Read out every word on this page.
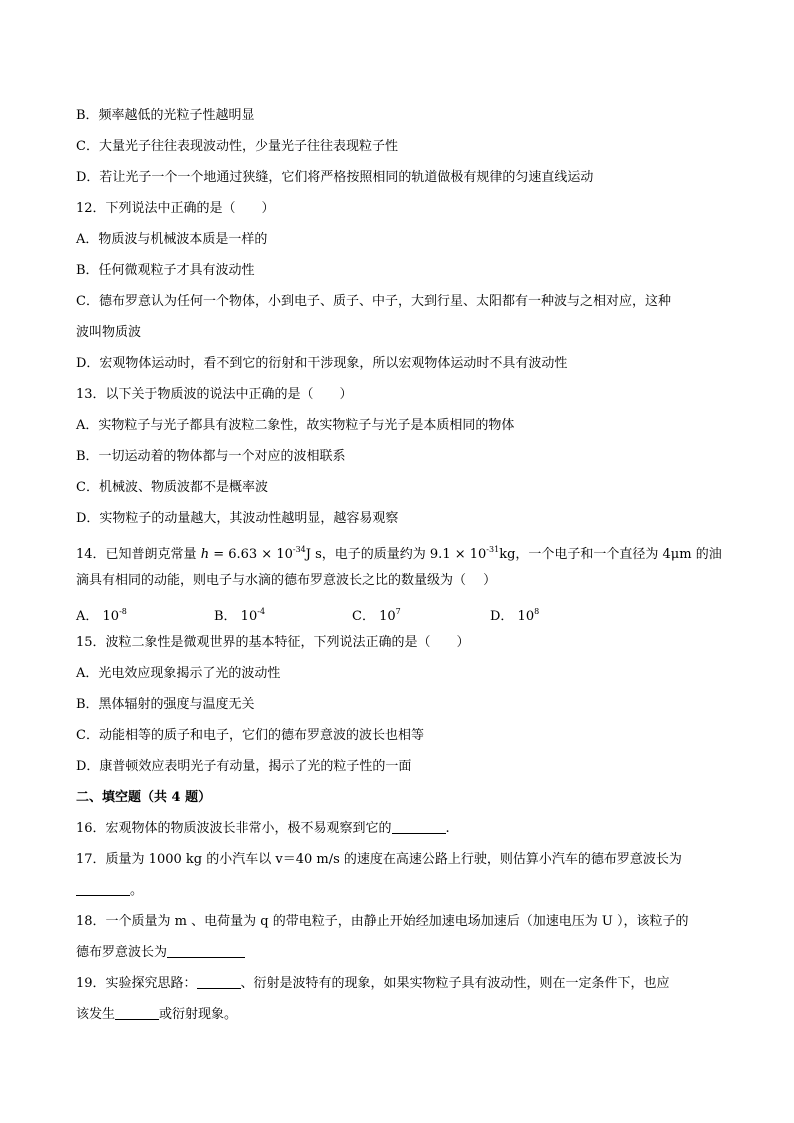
B．频率越低的光粒子性越明显
C．大量光子往往表现波动性，少量光子往往表现粒子性
D．若让光子一个一个地通过狭缝，它们将严格按照相同的轨道做极有规律的匀速直线运动
12．下列说法中正确的是（　　）
A．物质波与机械波本质是一样的
B．任何微观粒子才具有波动性
C．德布罗意认为任何一个物体，小到电子、质子、中子，大到行星、太阳都有一种波与之相对应，这种
波叫物质波
D．宏观物体运动时，看不到它的衍射和干涉现象，所以宏观物体运动时不具有波动性
13．以下关于物质波的说法中正确的是（　　）
A．实物粒子与光子都具有波粒二象性，故实物粒子与光子是本质相同的物体
B．一切运动着的物体都与一个对应的波相联系
C．机械波、物质波都不是概率波
D．实物粒子的动量越大，其波动性越明显，越容易观察
14．已知普朗克常量 $h = 6.63 \times 10^{-34}J$ s，电子的质量约为 $9.1 \times 10^{-31}kg$，一个电子和一个直径为 4μm 的油
滴具有相同的动能，则电子与水滴的德布罗意波长之比的数量级为（　 ）
A． $10^{-8}$	B． $10^{-4}$	C． $10^7$	D． $10^8$
15．波粒二象性是微观世界的基本特征，下列说法正确的是（　　）
A．光电效应现象揭示了光的波动性
B．黑体辐射的强度与温度无关
C．动能相等的质子和电子，它们的德布罗意波的波长也相等
D．康普顿效应表明光子有动量，揭示了光的粒子性的一面
二、填空题（共 4 题）
16．宏观物体的物质波波长非常小，极不易观察到它的	.
17．质量为 1000 kg 的小汽车以 v＝40 m/s 的速度在高速公路上行驶，则估算小汽车的德布罗意波长为
。
18．一个质量为 m 、电荷量为 q 的带电粒子，由静止开始经加速电场加速后（加速电压为 U ），该粒子的
德布罗意波长为
19．实验探究思路：	、衍射是波特有的现象，如果实物粒子具有波动性，则在一定条件下，也应
该发生	或衍射现象。
